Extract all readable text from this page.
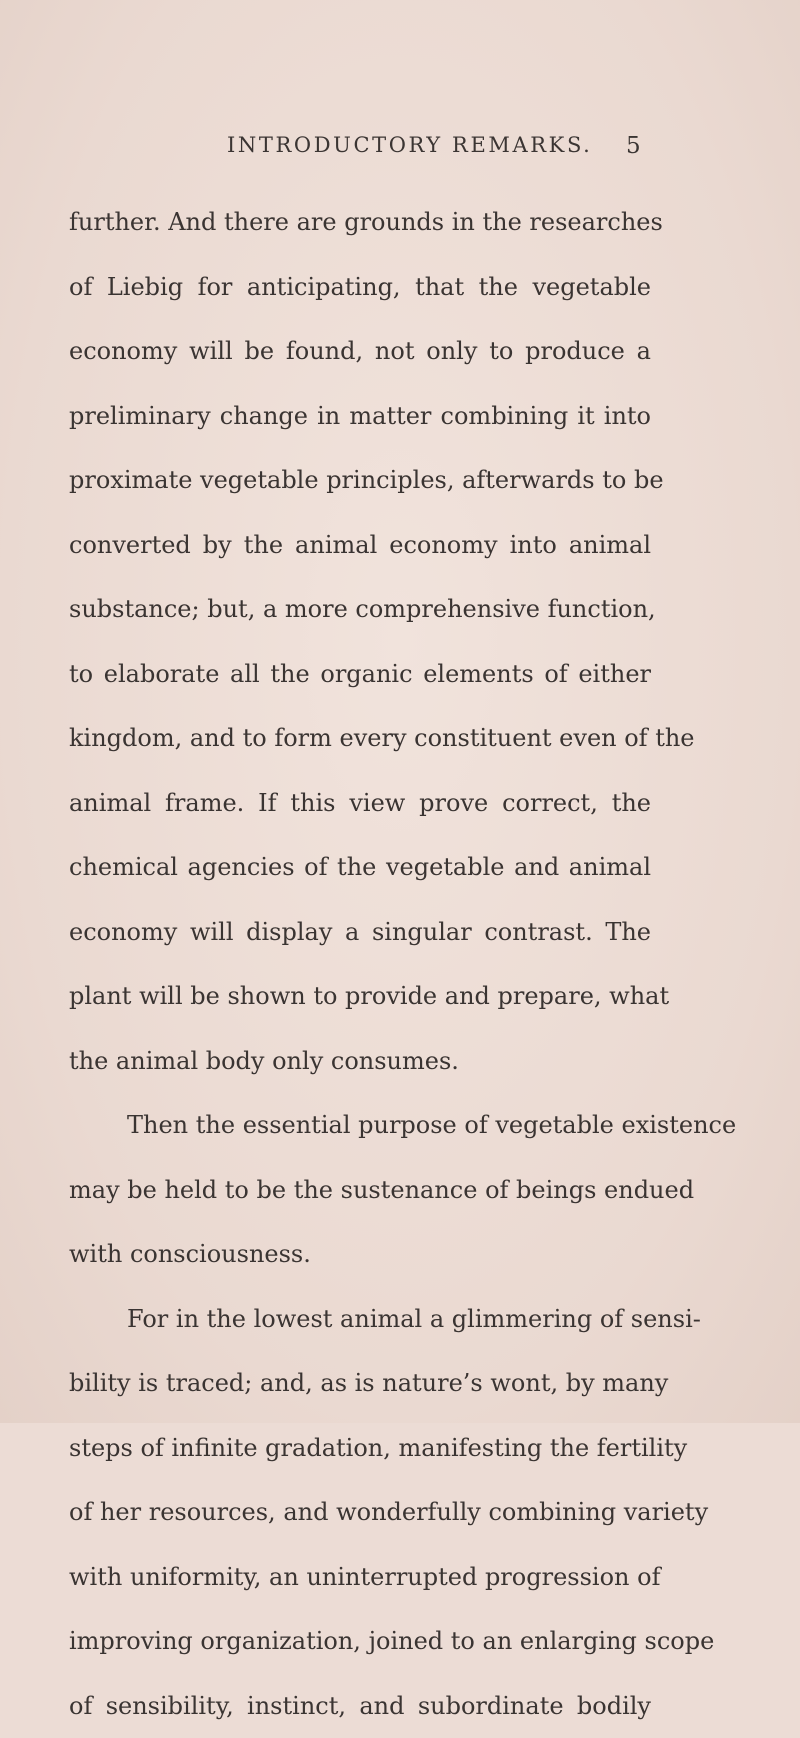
INTRODUCTORY REMARKS. 5
further. And there are grounds in the researches
of Liebig for anticipating, that the vegetable
economy will be found, not only to produce a
preliminary change in matter combining it into
proximate vegetable principles, afterwards to be
converted by the animal economy into animal
substance; but, a more comprehensive function,
to elaborate all the organic elements of either
kingdom, and to form every constituent even of the
animal frame. If this view prove correct, the
chemical agencies of the vegetable and animal
economy will display a singular contrast. The
plant will be shown to provide and prepare, what
the animal body only consumes.
Then the essential purpose of vegetable existence
may be held to be the sustenance of beings endued
with consciousness.
For in the lowest animal a glimmering of sensi-
bility is traced; and, as is nature’s wont, by many
steps of infinite gradation, manifesting the fertility
of her resources, and wonderfully combining variety
with uniformity, an uninterrupted progression of
improving organization, joined to an enlarging scope
of sensibility, instinct, and subordinate bodily
